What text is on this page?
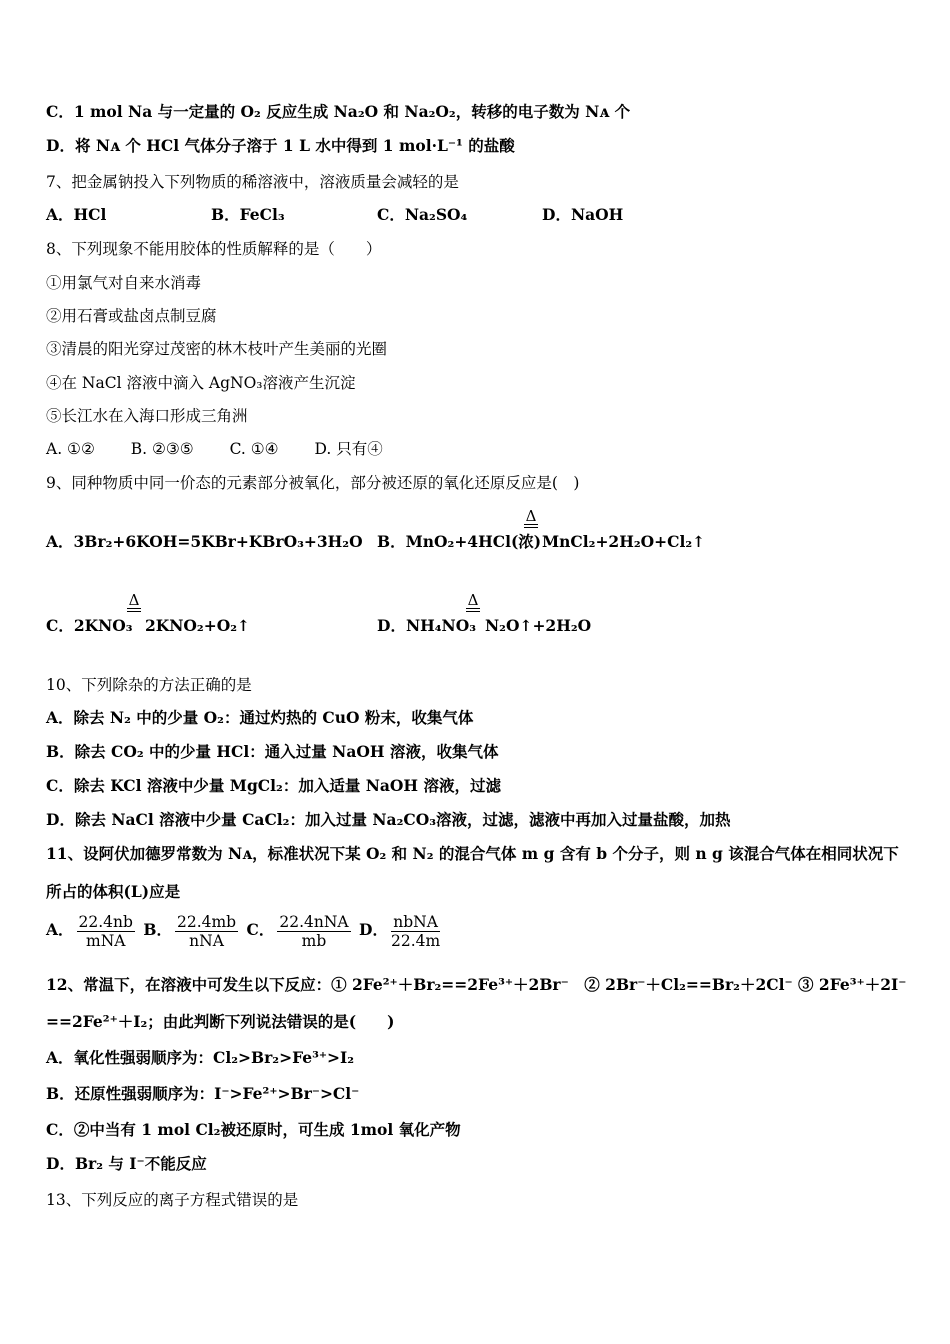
C．1 mol Na 与一定量的 O₂ 反应生成 Na₂O 和 Na₂O₂，转移的电子数为 Nᴀ 个
D．将 Nᴀ 个 HCl 气体分子溶于 1 L 水中得到 1 mol·L⁻¹ 的盐酸
7、把金属钠投入下列物质的稀溶液中，溶液质量会减轻的是
A．HCl	B．FeCl₃	C．Na₂SO₄	D．NaOH
8、下列现象不能用胶体的性质解释的是（　　）
①用氯气对自来水消毒
②用石膏或盐卤点制豆腐
③清晨的阳光穿过茂密的林木枝叶产生美丽的光圈
④在 NaCl 溶液中滴入 AgNO₃溶液产生沉淀
⑤长江水在入海口形成三角洲
A. ①②　　 B. ②③⑤　　 C. ①④　　 D. 只有④
9、同种物质中同一价态的元素部分被氧化，部分被还原的氧化还原反应是(　)
A．3Br₂+6KOH=5KBr+KBrO₃+3H₂O B．MnO₂+4HCl(浓)
Δ
MnCl₂+2H₂O+Cl₂↑
C．2KNO₃
Δ
2KNO₂+O₂↑	D．NH₄NO₃
Δ
N₂O↑+2H₂O
10、下列除杂的方法正确的是
A．除去 N₂ 中的少量 O₂：通过灼热的 CuO 粉末，收集气体
B．除去 CO₂ 中的少量 HCl：通入过量 NaOH 溶液，收集气体
C．除去 KCl 溶液中少量 MgCl₂：加入适量 NaOH 溶液，过滤
D．除去 NaCl 溶液中少量 CaCl₂：加入过量 Na₂CO₃溶液，过滤，滤液中再加入过量盐酸，加热
11、设阿伏加德罗常数为 Nᴀ，标准状况下某 O₂ 和 N₂ 的混合气体 m g 含有 b 个分子，则 n g 该混合气体在相同状况下
所占的体积(L)应是
A． $\frac{22.4nb}{\text{mNA}}$ B． $\frac{22.4mb}{\text{nNA}}$ C． $\frac{\text{22.4nNA}}{mb}$ D． $\frac{\text{nbNA}}{22.4m}$
12、常温下，在溶液中可发生以下反应：① 2Fe²⁺＋Br₂==2Fe³⁺＋2Br⁻　② 2Br⁻＋Cl₂==Br₂＋2Cl⁻ ③ 2Fe³⁺＋2I⁻
==2Fe²⁺＋I₂；由此判断下列说法错误的是(　　)
A．氧化性强弱顺序为：Cl₂>Br₂>Fe³⁺>I₂
B．还原性强弱顺序为：I⁻>Fe²⁺>Br⁻>Cl⁻
C．②中当有 1 mol Cl₂被还原时，可生成 1mol 氧化产物
D．Br₂ 与 I⁻不能反应
13、下列反应的离子方程式错误的是
